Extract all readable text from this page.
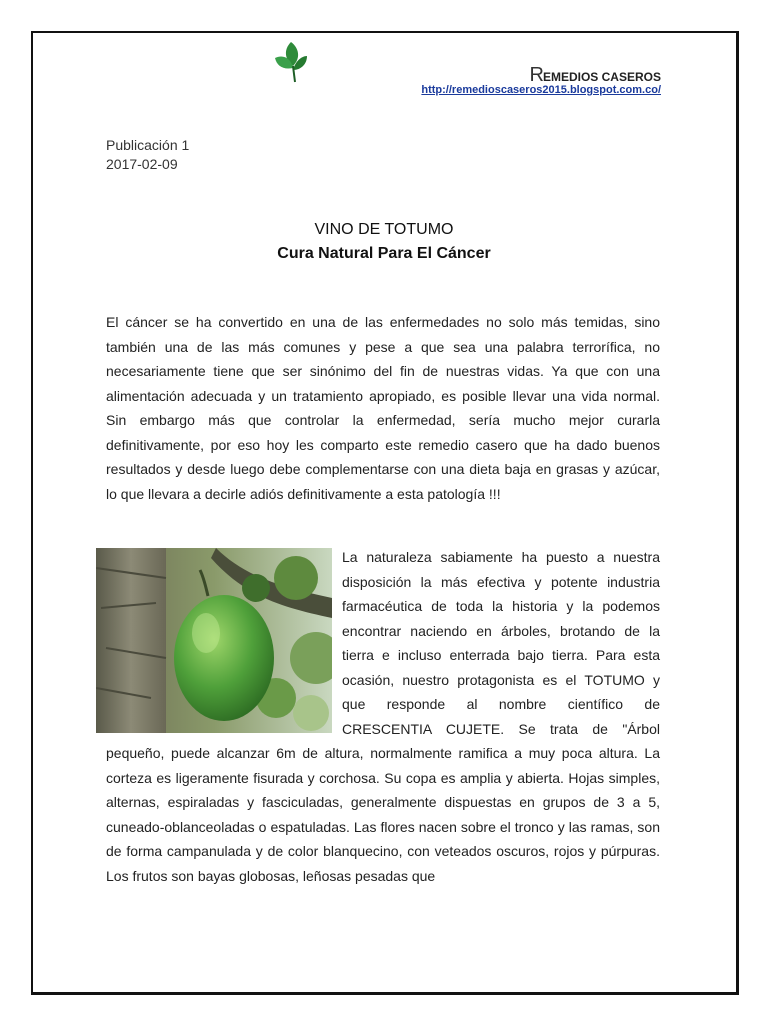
REMEDIOS CASEROS
http://remedioscaseros2015.blogspot.com.co/
Publicación 1
2017-02-09
VINO DE TOTUMO
Cura Natural Para El Cáncer
El cáncer se ha convertido en una de las enfermedades no solo más temidas, sino también una de las más comunes y pese a que sea una palabra terrorífica, no necesariamente tiene que ser sinónimo del fin de nuestras vidas. Ya que con una alimentación adecuada y un tratamiento apropiado, es posible llevar una vida normal. Sin embargo más que controlar la enfermedad, sería mucho mejor curarla definitivamente, por eso hoy les comparto este remedio casero que ha dado buenos resultados y desde luego debe complementarse con una dieta baja en grasas y azúcar, lo que llevara a decirle adiós definitivamente a esta patología !!!
La naturaleza sabiamente ha puesto a nuestra disposición la más efectiva y potente industria farmacéutica de toda la historia y la podemos encontrar naciendo en árboles, brotando de la tierra e incluso enterrada bajo tierra. Para esta ocasión, nuestro protagonista es el TOTUMO y que responde al nombre científico de CRESCENTIA CUJETE. Se trata de "Árbol pequeño, puede alcanzar 6m de altura, normalmente ramifica a muy poca altura. La corteza es ligeramente fisurada y corchosa. Su copa es amplia y abierta. Hojas simples, alternas, espiraladas y fasciculadas, generalmente dispuestas en grupos de 3 a 5, cuneado-oblanceoladas o espatuladas. Las flores nacen sobre el tronco y las ramas, son de forma campanulada y de color blanquecino, con veteados oscuros, rojos y púrpuras. Los frutos son bayas globosas, leñosas pesadas que
